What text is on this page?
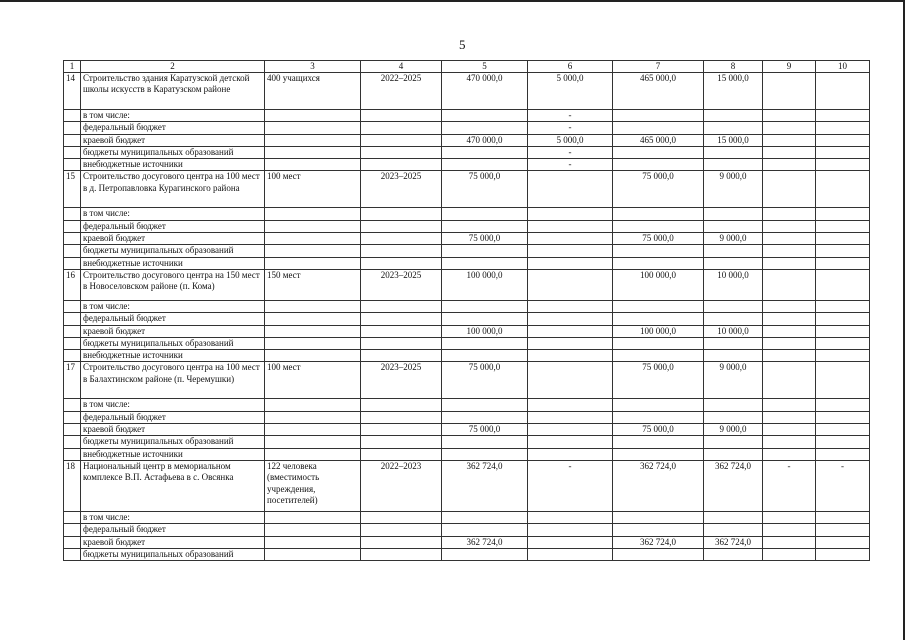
5
1	2	3	4	5	6	7	8	9	10
14	Строительство здания Каратузской детской школы искусств в Каратузском районе	400 учащихся	2022–2025	470 000,0	5 000,0	465 000,0	15 000,0		
	в том числе:				-				
	федеральный бюджет				-				
	краевой бюджет			470 000,0	5 000,0	465 000,0	15 000,0		
	бюджеты муниципальных образований				-				
	внебюджетные источники				-				
15	Строительство досугового центра на 100 мест в д. Петропавловка Курагинского района	100 мест	2023–2025	75 000,0		75 000,0	9 000,0		
	в том числе:								
	федеральный бюджет								
	краевой бюджет			75 000,0		75 000,0	9 000,0		
	бюджеты муниципальных образований								
	внебюджетные источники								
16	Строительство досугового центра на 150 мест в Новоселовском районе (п. Кома)	150 мест	2023–2025	100 000,0		100 000,0	10 000,0		
	в том числе:								
	федеральный бюджет								
	краевой бюджет			100 000,0		100 000,0	10 000,0		
	бюджеты муниципальных образований								
	внебюджетные источники								
17	Строительство досугового центра на 100 мест в Балахтинском районе (п. Черемушки)	100 мест	2023–2025	75 000,0		75 000,0	9 000,0		
	в том числе:								
	федеральный бюджет								
	краевой бюджет			75 000,0		75 000,0	9 000,0		
	бюджеты муниципальных образований								
	внебюджетные источники								
18	Национальный центр в мемориальном комплексе В.П. Астафьева в с. Овсянка	122 человека (вместимость учреждения, посетителей)	2022–2023	362 724,0	-	362 724,0	362 724,0	-	-
	в том числе:								
	федеральный бюджет								
	краевой бюджет			362 724,0		362 724,0	362 724,0		
	бюджеты муниципальных образований								
